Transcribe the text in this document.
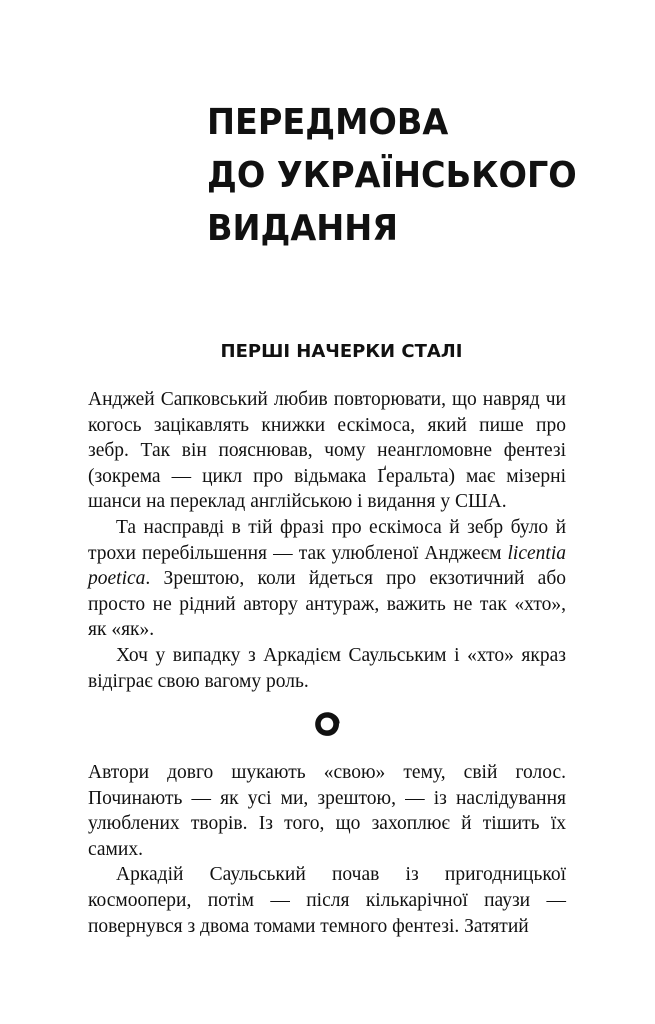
ПЕРЕДМОВА
ДО УКРАЇНСЬКОГО
ВИДАННЯ
ПЕРШІ НАЧЕРКИ СТАЛІ

Анджей Сапковський любив повторювати, що навряд чи когось зацікавлять книжки ескімоса, який пише про зебр. Так він пояснював, чому неангломовне фентезі (зокрема — цикл про відьмака Ґеральта) має мізерні шанси на переклад англійською і видання у США.

Та насправді в тій фразі про ескімоса й зебр було й трохи перебільшення — так улюбленої Анджеєм licentia poetica. Зрештою, коли йдеться про екзотичний або просто не рідний автору антураж, важить не так «хто», як «як».

Хоч у випадку з Аркадієм Саульським і «хто» якраз відіграє свою вагому роль.

Автори довго шукають «свою» тему, свій голос. Починають — як усі ми, зрештою, — із наслідування улюблених творів. Із того, що захоплює й тішить їх самих.

Аркадій Саульський почав із пригодницької космоопери, потім — після кількарічної паузи — повернувся з двома томами темного фентезі. Затятий
